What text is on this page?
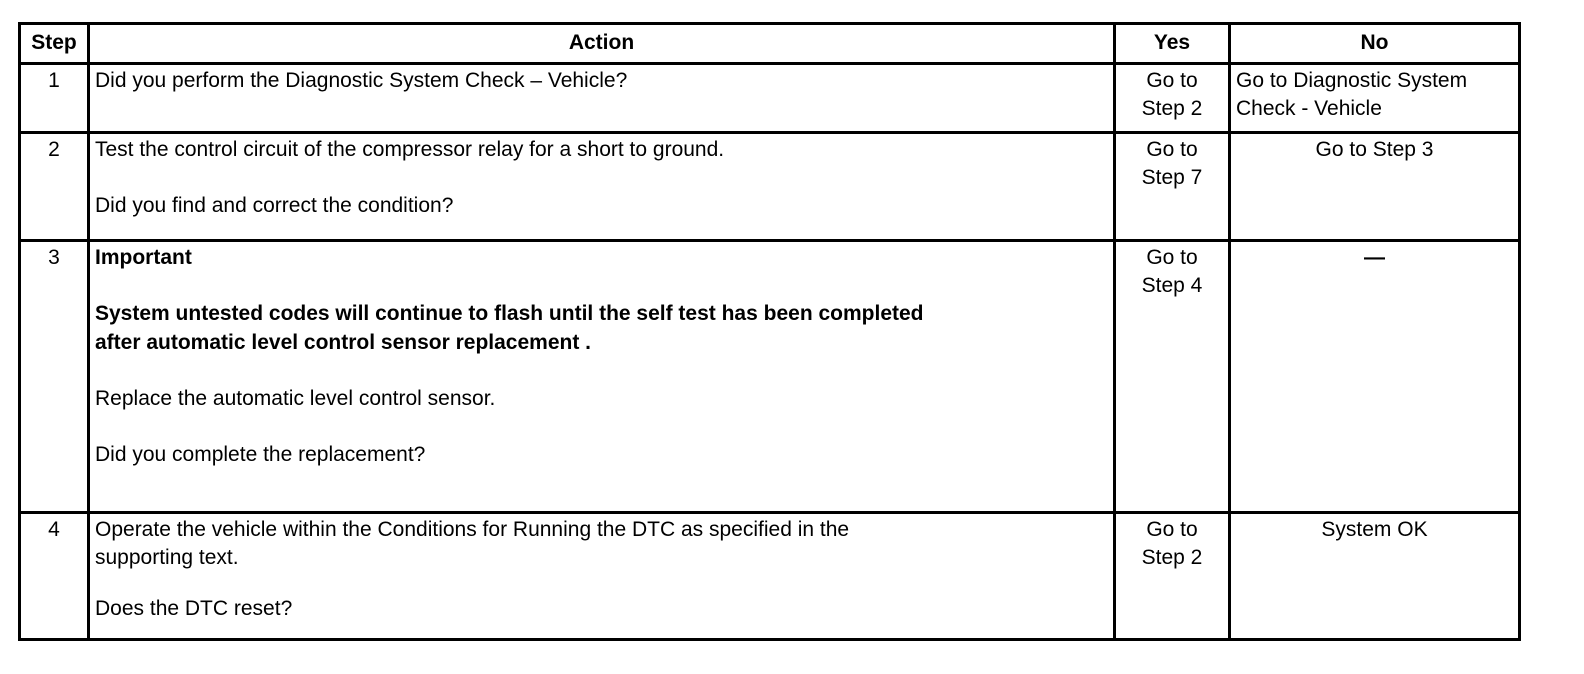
Step	Action	Yes	No
1	Did you perform the Diagnostic System Check – Vehicle?	Go to
Step 2	Go to Diagnostic System
Check - Vehicle

2	Test the control circuit of the compressor relay for a short to ground.
Did you find and correct the condition?	Go to
Step 7	Go to Step 3

3	Important
System untested codes will continue to flash until the self test has been completed
after automatic level control sensor replacement .
Replace the automatic level control sensor.
Did you complete the replacement?	Go to
Step 4	—

4	Operate the vehicle within the Conditions for Running the DTC as specified in the
supporting text.
Does the DTC reset?	Go to
Step 2	System OK
